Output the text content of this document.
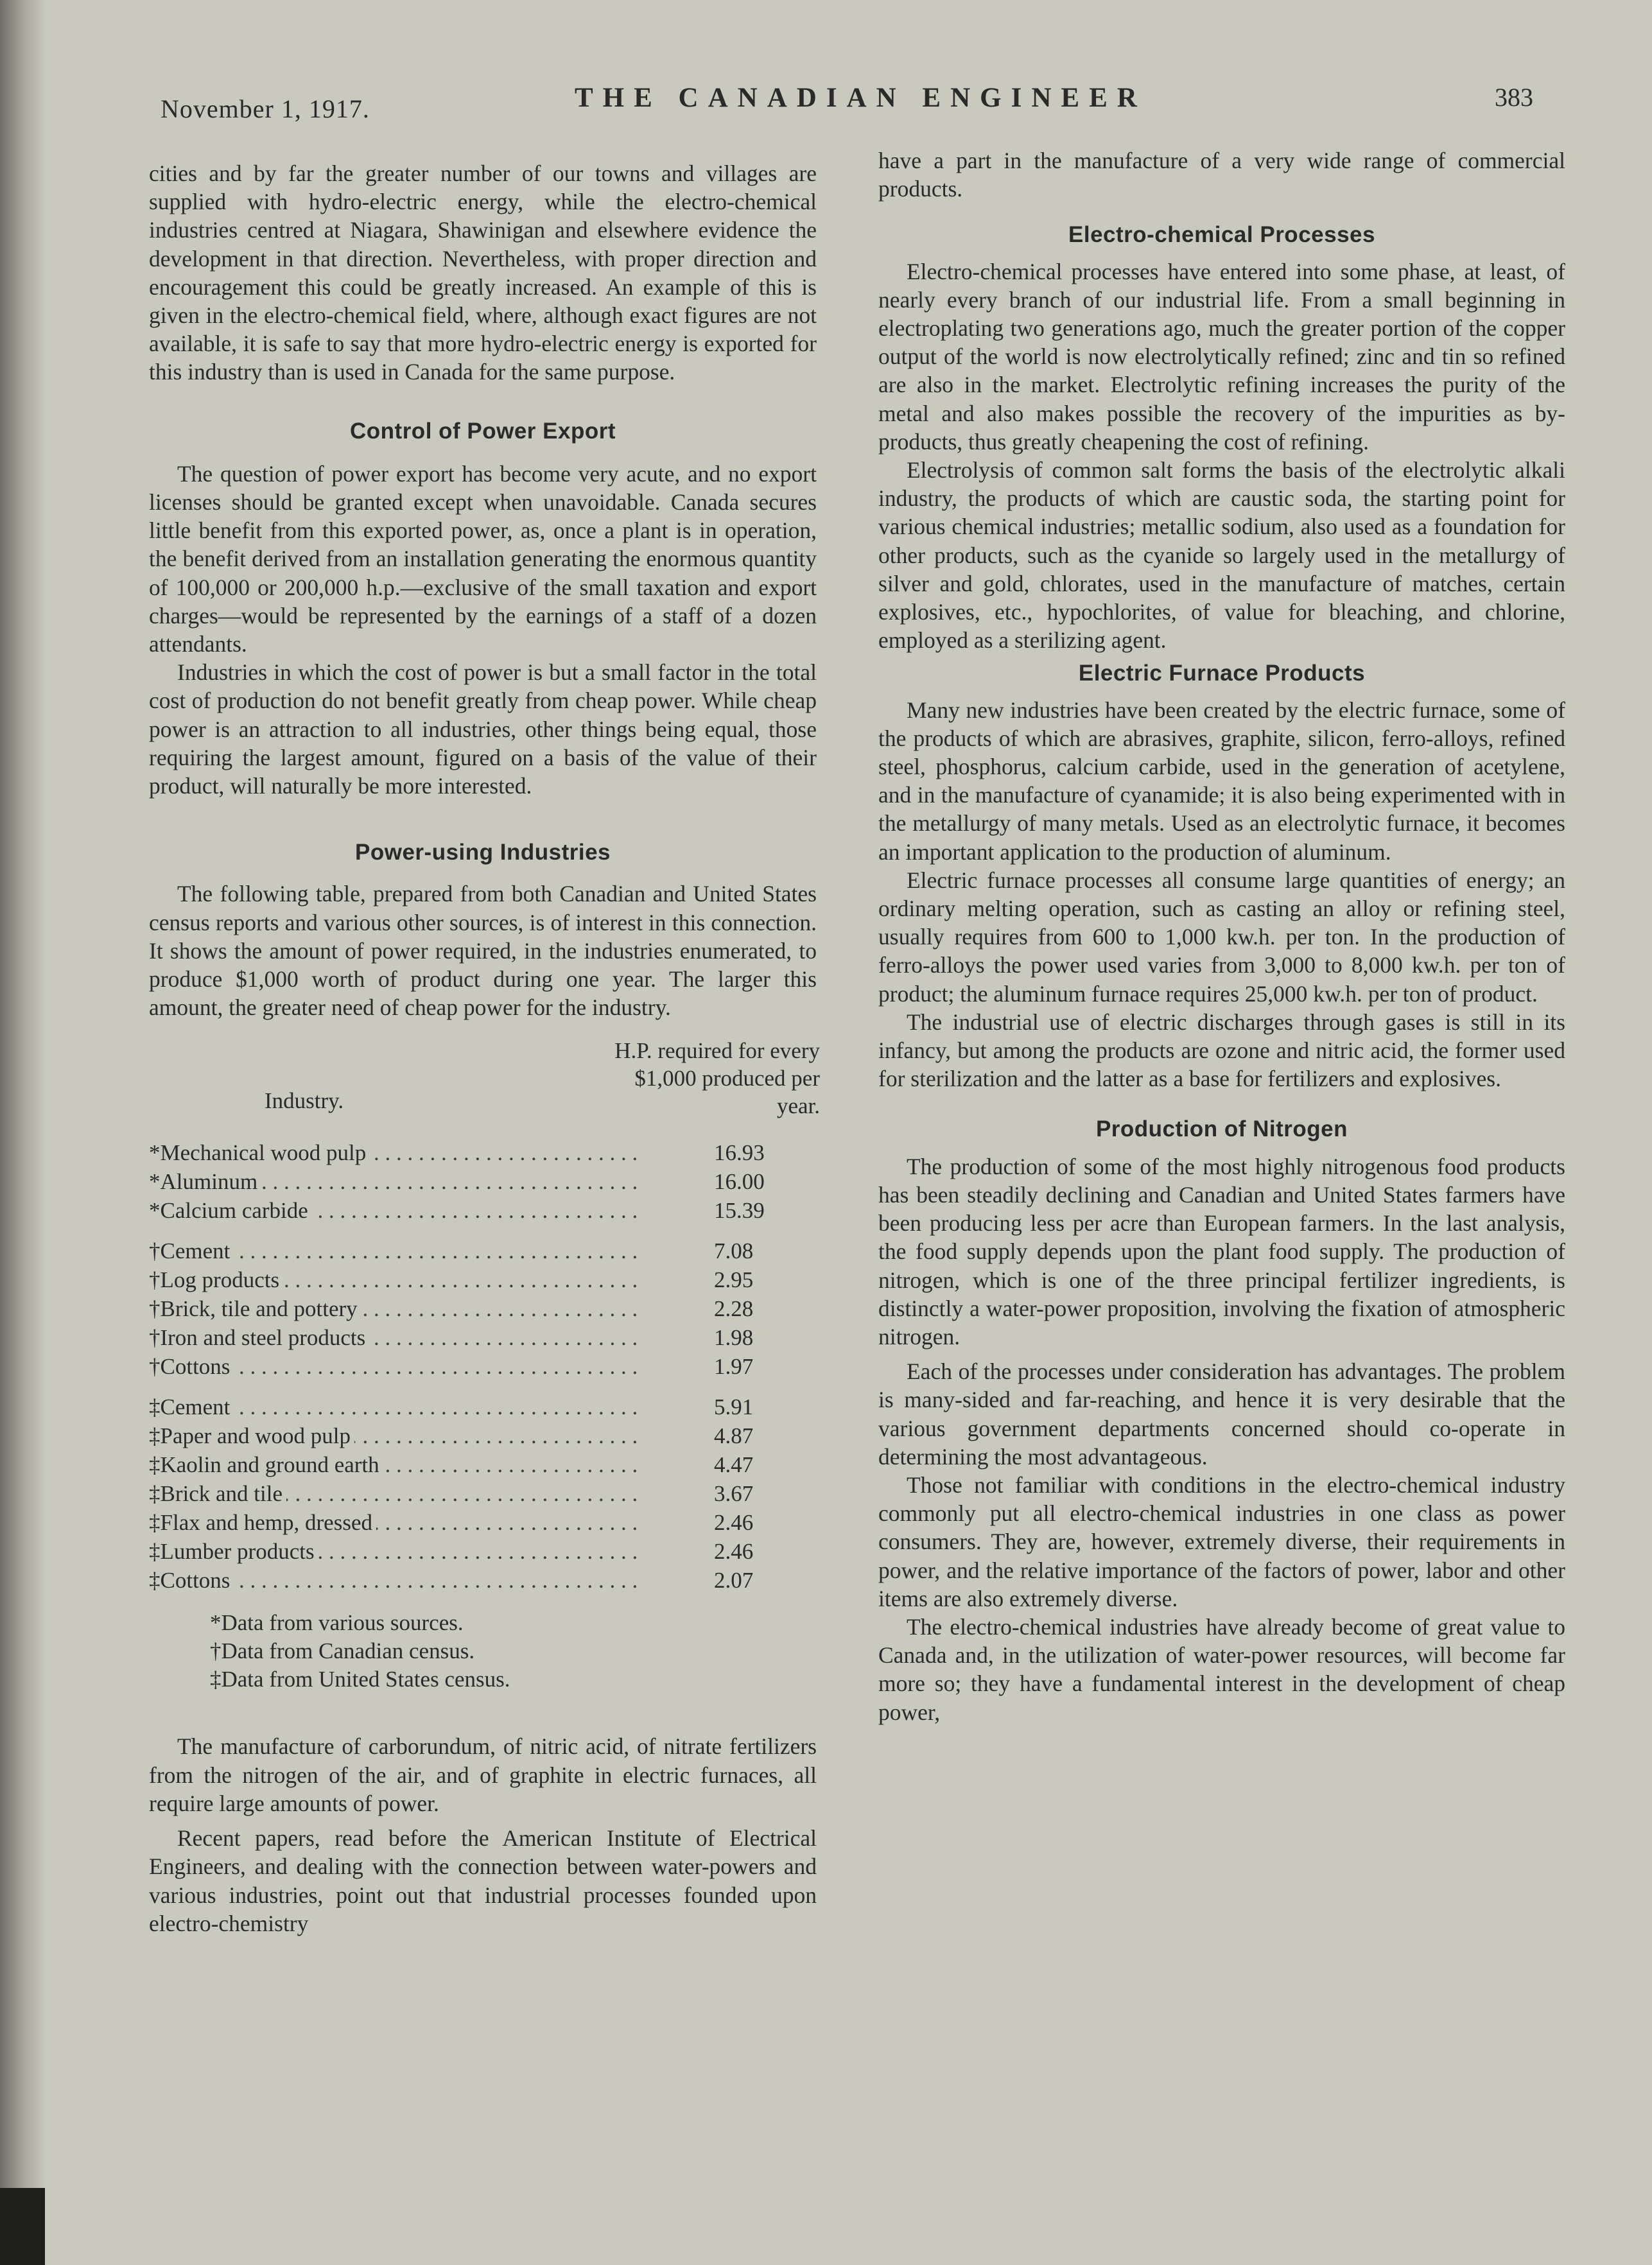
November 1, 1917.	THE CANADIAN ENGINEER	383

cities and by far the greater number of our towns and villages are supplied with hydro-electric energy, while the electro-chemical industries centred at Niagara, Shawinigan and elsewhere evidence the development in that direction. Nevertheless, with proper direction and encouragement this could be greatly increased. An example of this is given in the electro-chemical field, where, although exact figures are not available, it is safe to say that more hydro-electric energy is exported for this industry than is used in Canada for the same purpose.

Control of Power Export

The question of power export has become very acute, and no export licenses should be granted except when unavoidable. Canada secures little benefit from this exported power, as, once a plant is in operation, the benefit derived from an installation generating the enormous quantity of 100,000 or 200,000 h.p.—exclusive of the small taxation and export charges—would be represented by the earnings of a staff of a dozen attendants.

Industries in which the cost of power is but a small factor in the total cost of production do not benefit greatly from cheap power. While cheap power is an attraction to all industries, other things being equal, those requiring the largest amount, figured on a basis of the value of their product, will naturally be more interested.

Power-using Industries

The following table, prepared from both Canadian and United States census reports and various other sources, is of interest in this connection. It shows the amount of power required, in the industries enumerated, to produce $1,000 worth of product during one year. The larger this amount, the greater need of cheap power for the industry.

Industry.
H.P. required for every $1,000 produced per year.
. . .
*Mechanical wood pulp	16.93
. . .
*Aluminum	16.00
. . .
*Calcium carbide	15.39
. . .
†Cement	7.08
. . .
†Log products	2.95
. . .
†Brick, tile and pottery	2.28
. . .
†Iron and steel products	1.98
. . .
†Cottons	1.97
. . .
‡Cement	5.91
. . .
‡Paper and wood pulp	4.87
. . .
‡Kaolin and ground earth	4.47
. . .
‡Brick and tile	3.67
. . .
‡Flax and hemp, dressed	2.46
. . .
‡Lumber products	2.46
. . .
‡Cottons	2.07
*Data from various sources.
†Data from Canadian census.
‡Data from United States census.

The manufacture of carborundum, of nitric acid, of nitrate fertilizers from the nitrogen of the air, and of graphite in electric furnaces, all require large amounts of power.

Recent papers, read before the American Institute of Electrical Engineers, and dealing with the connection between water-powers and various industries, point out that industrial processes founded upon electro-chemistry

have a part in the manufacture of a very wide range of commercial products.

Electro-chemical Processes

Electro-chemical processes have entered into some phase, at least, of nearly every branch of our industrial life. From a small beginning in electroplating two generations ago, much the greater portion of the copper output of the world is now electrolytically refined; zinc and tin so refined are also in the market. Electrolytic refining increases the purity of the metal and also makes possible the recovery of the impurities as by-products, thus greatly cheapening the cost of refining.

Electrolysis of common salt forms the basis of the electrolytic alkali industry, the products of which are caustic soda, the starting point for various chemical industries; metallic sodium, also used as a foundation for other products, such as the cyanide so largely used in the metallurgy of silver and gold, chlorates, used in the manufacture of matches, certain explosives, etc., hypochlorites, of value for bleaching, and chlorine, employed as a sterilizing agent.

Electric Furnace Products

Many new industries have been created by the electric furnace, some of the products of which are abrasives, graphite, silicon, ferro-alloys, refined steel, phosphorus, calcium carbide, used in the generation of acetylene, and in the manufacture of cyanamide; it is also being experimented with in the metallurgy of many metals. Used as an electrolytic furnace, it becomes an important application to the production of aluminum.

Electric furnace processes all consume large quantities of energy; an ordinary melting operation, such as casting an alloy or refining steel, usually requires from 600 to 1,000 kw.h. per ton. In the production of ferro-alloys the power used varies from 3,000 to 8,000 kw.h. per ton of product; the aluminum furnace requires 25,000 kw.h. per ton of product.

The industrial use of electric discharges through gases is still in its infancy, but among the products are ozone and nitric acid, the former used for sterilization and the latter as a base for fertilizers and explosives.

Production of Nitrogen

The production of some of the most highly nitrogenous food products has been steadily declining and Canadian and United States farmers have been producing less per acre than European farmers. In the last analysis, the food supply depends upon the plant food supply. The production of nitrogen, which is one of the three principal fertilizer ingredients, is distinctly a water-power proposition, involving the fixation of atmospheric nitrogen.

Each of the processes under consideration has advantages. The problem is many-sided and far-reaching, and hence it is very desirable that the various government departments concerned should co-operate in determining the most advantageous.

Those not familiar with conditions in the electro-chemical industry commonly put all electro-chemical industries in one class as power consumers. They are, however, extremely diverse, their requirements in power, and the relative importance of the factors of power, labor and other items are also extremely diverse.

The electro-chemical industries have already become of great value to Canada and, in the utilization of water-power resources, will become far more so; they have a fundamental interest in the development of cheap power,
